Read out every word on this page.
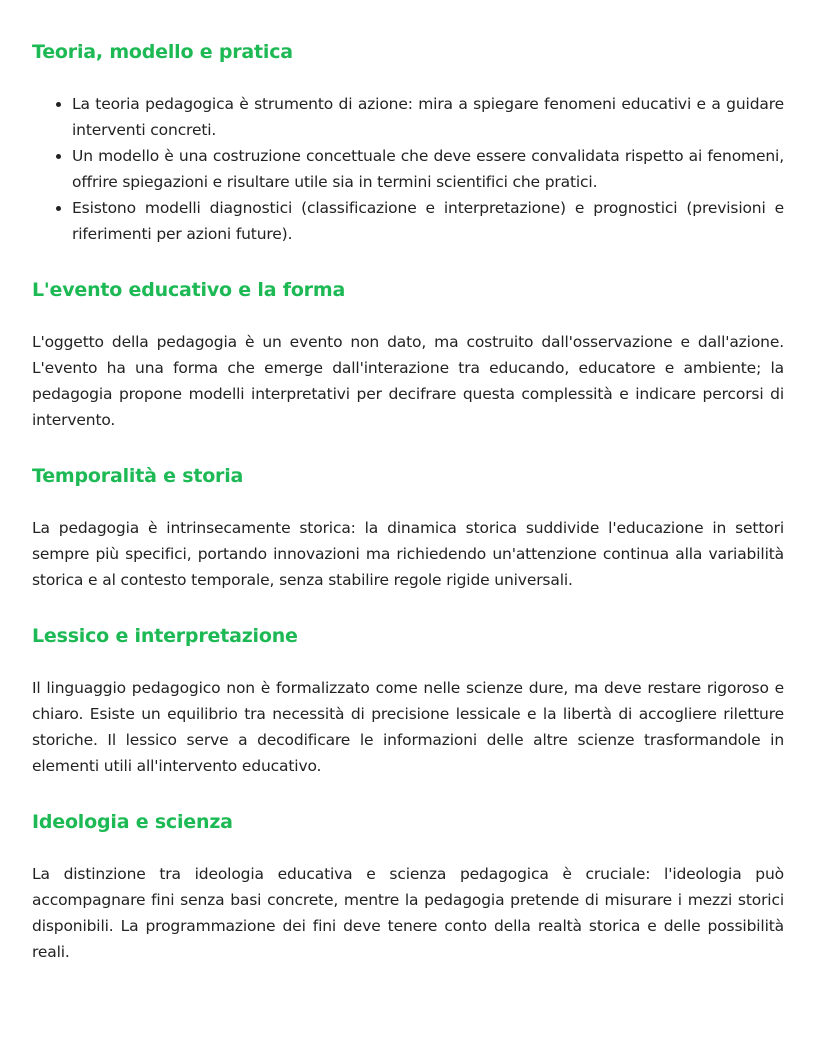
Teoria, modello e pratica
• La teoria pedagogica è strumento di azione: mira a spiegare fenomeni educativi e a guidare interventi concreti.
• Un modello è una costruzione concettuale che deve essere convalidata rispetto ai fenomeni, offrire spiegazioni e risultare utile sia in termini scientifici che pratici.
• Esistono modelli diagnostici (classificazione e interpretazione) e prognostici (previsioni e riferimenti per azioni future).
L'evento educativo e la forma

L'oggetto della pedagogia è un evento non dato, ma costruito dall'osservazione e dall'azione. L'evento ha una forma che emerge dall'interazione tra educando, educatore e ambiente; la pedagogia propone modelli interpretativi per decifrare questa complessità e indicare percorsi di intervento.

Temporalità e storia

La pedagogia è intrinsecamente storica: la dinamica storica suddivide l'educazione in settori sempre più specifici, portando innovazioni ma richiedendo un'attenzione continua alla variabilità storica e al contesto temporale, senza stabilire regole rigide universali.

Lessico e interpretazione

Il linguaggio pedagogico non è formalizzato come nelle scienze dure, ma deve restare rigoroso e chiaro. Esiste un equilibrio tra necessità di precisione lessicale e la libertà di accogliere riletture storiche. Il lessico serve a decodificare le informazioni delle altre scienze trasformandole in elementi utili all'intervento educativo.

Ideologia e scienza

La distinzione tra ideologia educativa e scienza pedagogica è cruciale: l'ideologia può accompagnare fini senza basi concrete, mentre la pedagogia pretende di misurare i mezzi storici disponibili. La programmazione dei fini deve tenere conto della realtà storica e delle possibilità reali.
